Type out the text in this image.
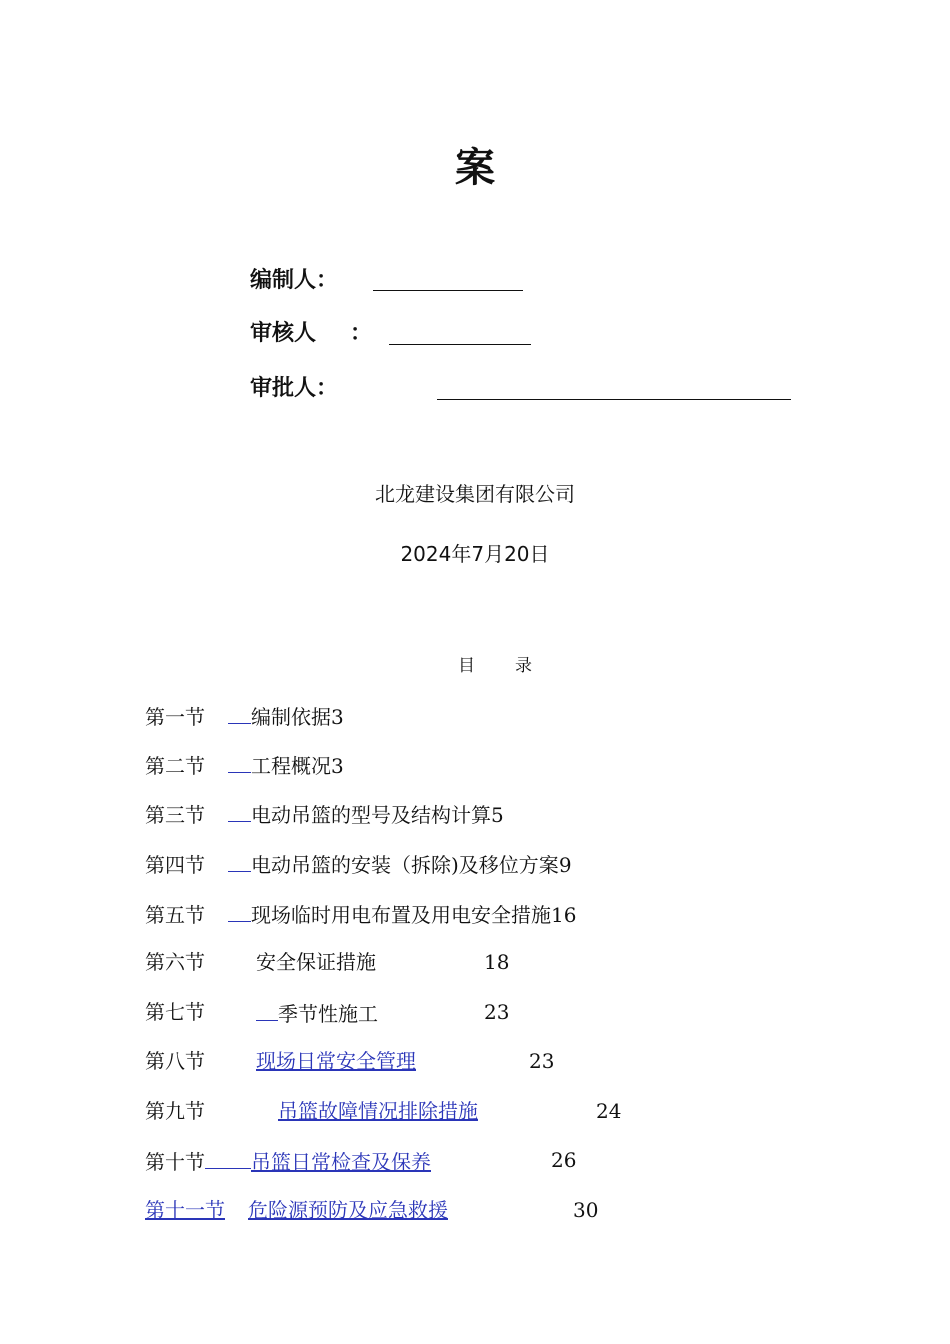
案
编制人：
审核人 ：
审批人：
北龙建设集团有限公司
2024年7月20日
目 录
第一节 编制依据3
第二节 工程概况3
第三节 电动吊篮的型号及结构计算5
第四节 电动吊篮的安装（拆除)及移位方案9
第五节 现场临时用电布置及用电安全措施16
第六节	安全保证措施	18
第七节	季节性施工	23
第八节	现场日常安全管理	23
第九节	吊篮故障情况排除措施	24
第十节 吊篮日常检查及保养	26
第十一节 危险源预防及应急救援	30
